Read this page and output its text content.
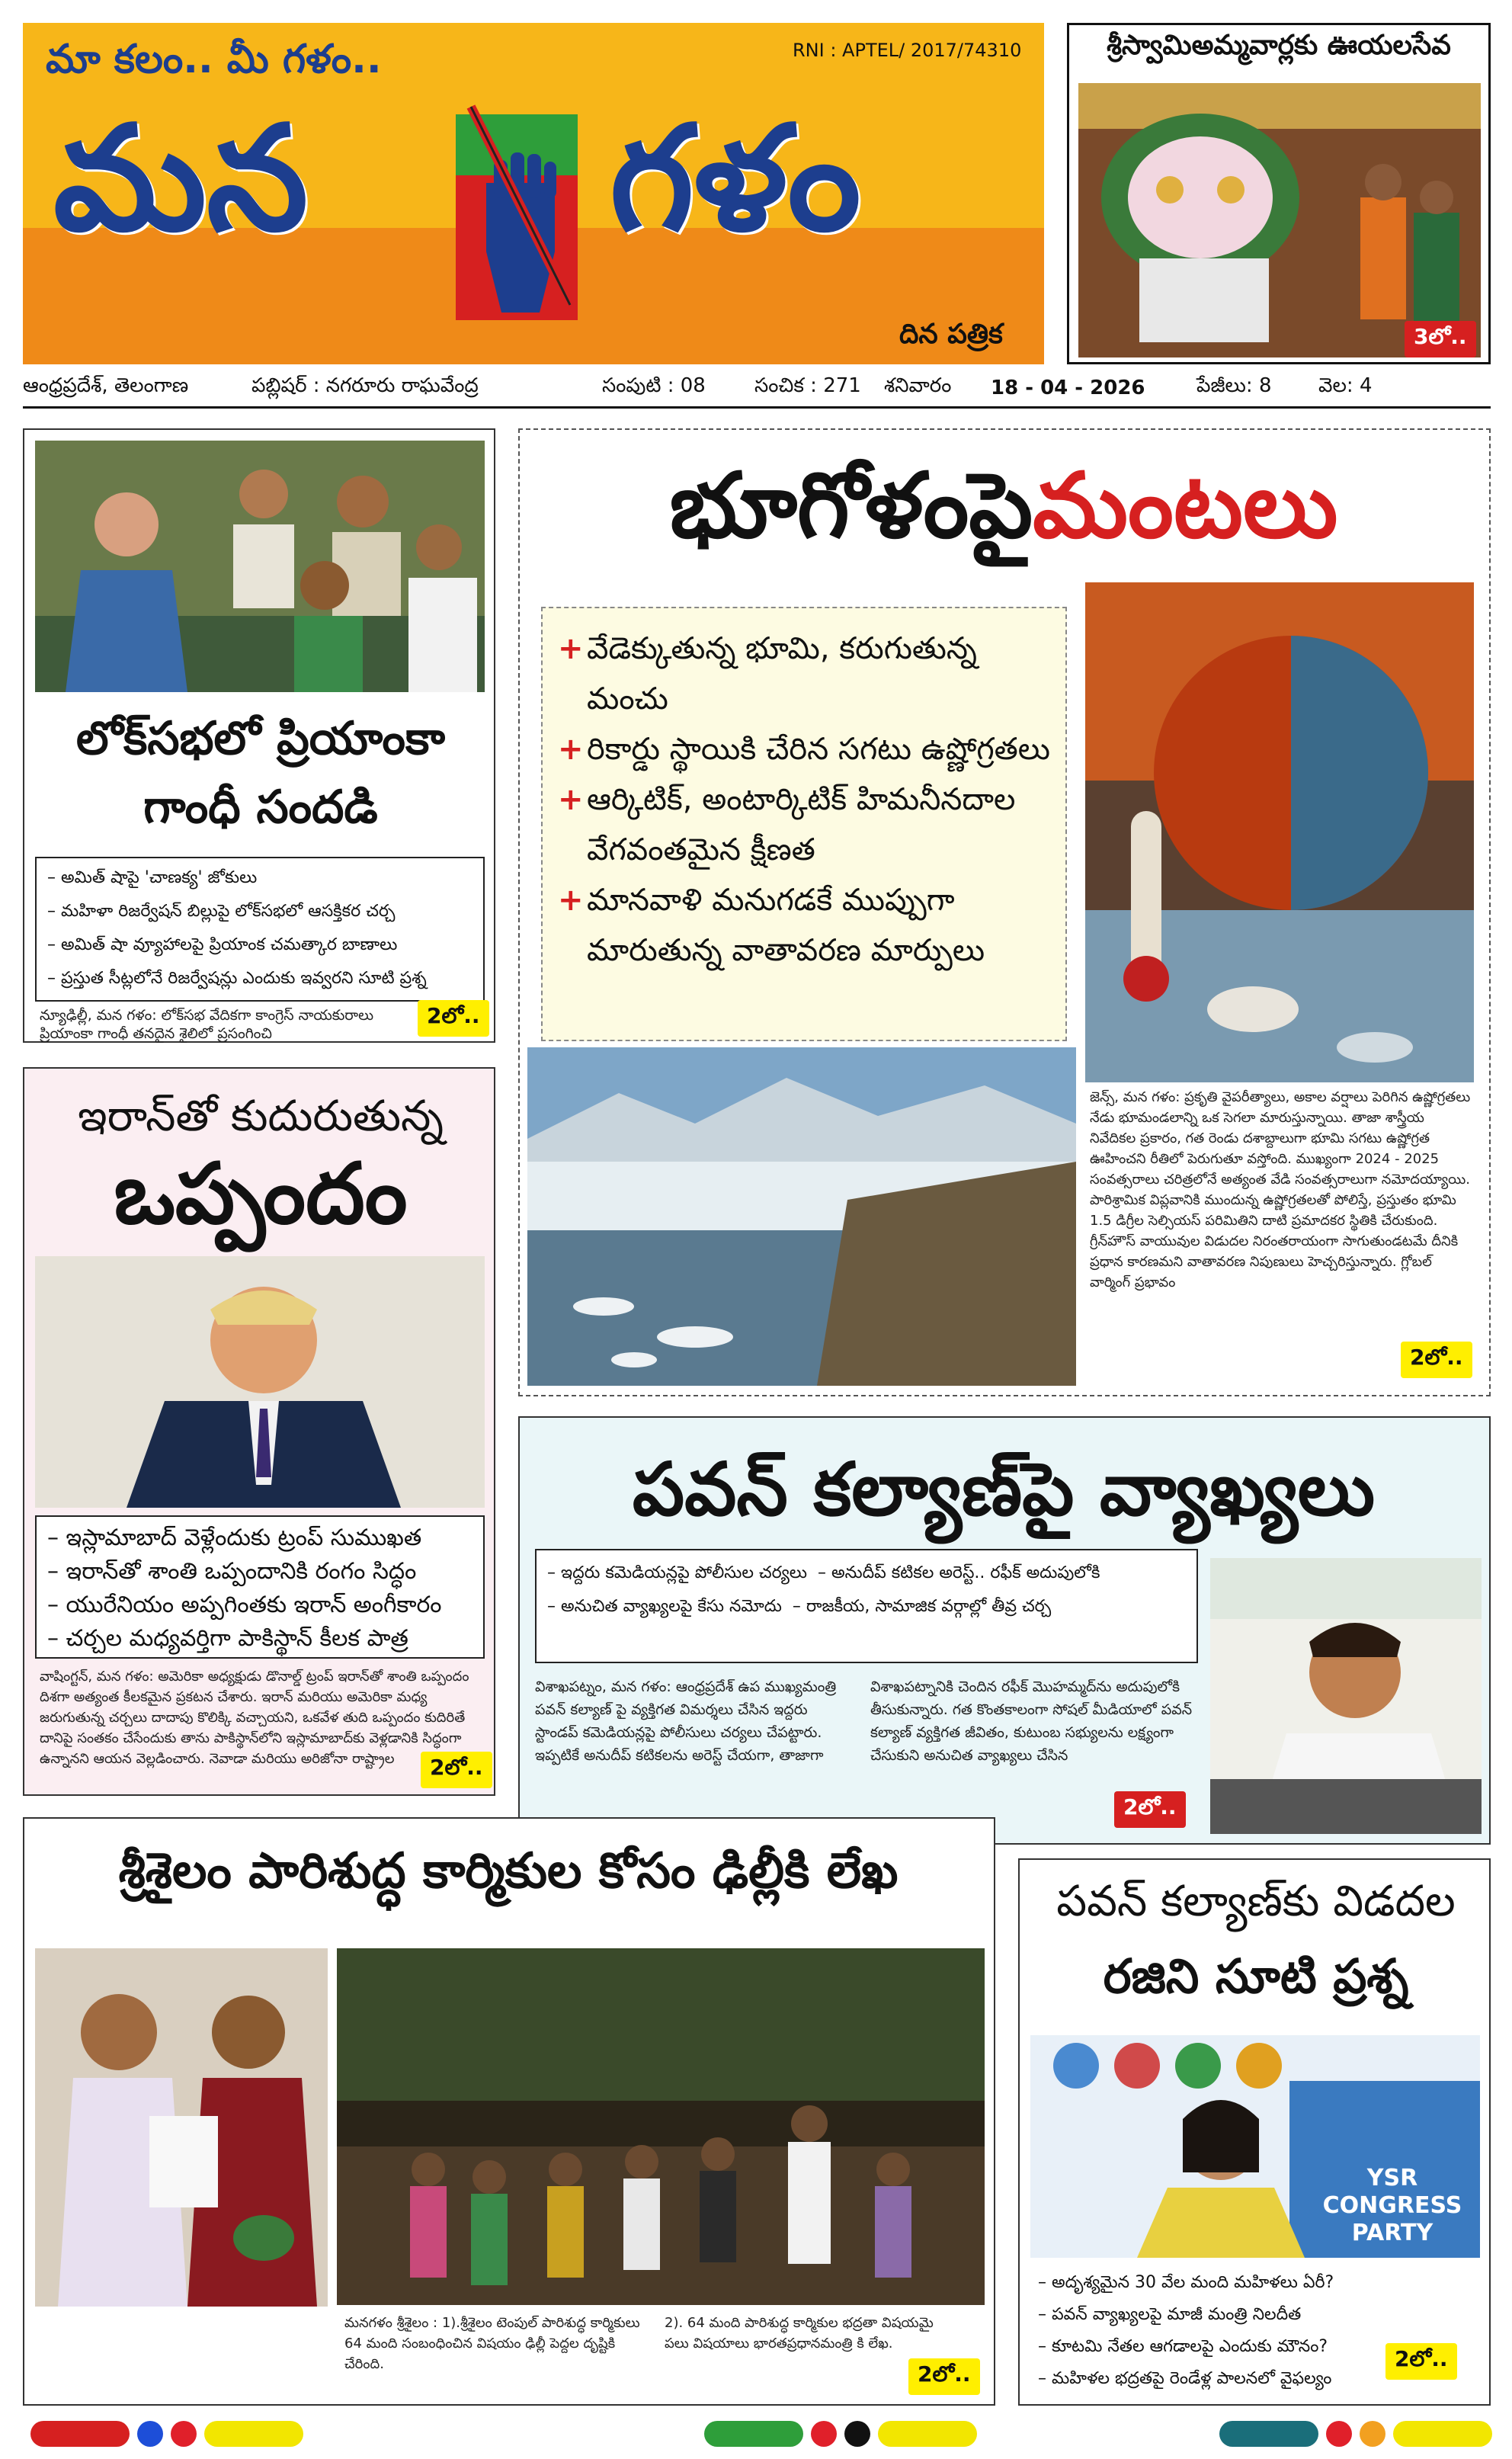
మా కలం.. మీ గళం..	RNI : APTEL/ 2017/74310
మన గళం
దిన పత్రిక
శ్రీస్వామిఅమ్మవార్లకు ఊయలసేవ
3లో..
ఆంధ్రప్రదేశ్, తెలంగాణ	పబ్లిషర్ : నగరూరు రాఘవేంద్ర	సంపుటి : 08	సంచిక : 271	శనివారం	18 - 04 - 2026	పేజీలు: 8	వెల: 4
లోక్‌సభలో ప్రియాంకా గాంధీ సందడి
– అమిత్ షాపై 'చాణక్య' జోకులు
– మహిళా రిజర్వేషన్ బిల్లుపై లోక్‌సభలో ఆసక్తికర చర్చ
– అమిత్ షా వ్యూహాలపై ప్రియాంక చమత్కార బాణాలు
– ప్రస్తుత సీట్లలోనే రిజర్వేషన్లు ఎందుకు ఇవ్వరని సూటి ప్రశ్న
న్యూఢిల్లీ, మన గళం: లోక్‌సభ వేదికగా కాంగ్రెస్ నాయకురాలు ప్రియాంకా గాంధీ తనదైన శైలిలో ప్రసంగించి
2లో..
భూగోళంపైమంటలు
+ వేడెక్కుతున్న భూమి, కరుగుతున్న మంచు
+ రికార్డు స్థాయికి చేరిన సగటు ఉష్ణోగ్రతలు
+ ఆర్కిటిక్, అంటార్కిటిక్ హిమనీనదాల వేగవంతమైన క్షీణత
+ మానవాళి మనుగడకే ముప్పుగా మారుతున్న వాతావరణ మార్పులు
జెన్స్, మన గళం: ప్రకృతి వైపరీత్యాలు, అకాల వర్షాలు పెరిగిన ఉష్ణోగ్రతలు నేడు భూమండలాన్ని ఒక సెగలా మారుస్తున్నాయి. తాజా శాస్త్రీయ నివేదికల ప్రకారం, గత రెండు దశాబ్దాలుగా భూమి సగటు ఉష్ణోగ్రత ఊహించని రీతిలో పెరుగుతూ వస్తోంది. ముఖ్యంగా 2024 - 2025 సంవత్సరాలు చరిత్రలోనే అత్యంత వేడి సంవత్సరాలుగా నమోదయ్యాయి. పారిశ్రామిక విప్లవానికి ముందున్న ఉష్ణోగ్రతలతో పోలిస్తే, ప్రస్తుతం భూమి 1.5 డిగ్రీల సెల్సియస్ పరిమితిని దాటి ప్రమాదకర స్థితికి చేరుకుంది. గ్రీన్‌హౌస్ వాయువుల విడుదల నిరంతరాయంగా సాగుతుండటమే దీనికి ప్రధాన కారణమని వాతావరణ నిపుణులు హెచ్చరిస్తున్నారు. గ్లోబల్ వార్మింగ్ ప్రభావం
2లో..
ఇరాన్‌తో కుదురుతున్న
ఒప్పందం
– ఇస్లామాబాద్ వెళ్లేందుకు ట్రంప్ సుముఖత
– ఇరాన్‌తో శాంతి ఒప్పందానికి రంగం సిద్ధం
– యురేనియం అప్పగింతకు ఇరాన్ అంగీకారం
– చర్చల మధ్యవర్తిగా పాకిస్థాన్ కీలక పాత్ర
వాషింగ్టన్, మన గళం: అమెరికా అధ్యక్షుడు డొనాల్డ్ ట్రంప్ ఇరాన్‌తో శాంతి ఒప్పందం దిశగా అత్యంత కీలకమైన ప్రకటన చేశారు. ఇరాన్ మరియు అమెరికా మధ్య జరుగుతున్న చర్చలు దాదాపు కొలిక్కి వచ్చాయని, ఒకవేళ తుది ఒప్పందం కుదిరితే దానిపై సంతకం చేసేందుకు తాను పాకిస్థాన్‌లోని ఇస్లామాబాద్‌కు వెళ్లడానికి సిద్ధంగా ఉన్నానని ఆయన వెల్లడించారు. నెవాడా మరియు అరిజోనా రాష్ట్రాల	2లో..
పవన్ కల్యాణ్‌పై వ్యాఖ్యలు
– ఇద్దరు కమెడియన్లపై పోలీసుల చర్యలు  – అనుదీప్ కటికల అరెస్ట్.. రఫీక్ అదుపులోకి
– అనుచిత వ్యాఖ్యలపై కేసు నమోదు  – రాజకీయ, సామాజిక వర్గాల్లో తీవ్ర చర్చ
విశాఖపట్నం, మన గళం: ఆంధ్రప్రదేశ్ ఉప ముఖ్యమంత్రి పవన్ కల్యాణ్ పై వ్యక్తిగత విమర్శలు చేసిన ఇద్దరు స్టాండప్ కమెడియన్లపై పోలీసులు చర్యలు చేపట్టారు. ఇప్పటికే అనుదీప్ కటికలను అరెస్ట్ చేయగా, తాజాగా
విశాఖపట్నానికి చెందిన రఫీక్ మొహమ్మద్‌ను అదుపులోకి తీసుకున్నారు. గత కొంతకాలంగా సోషల్ మీడియాలో పవన్ కల్యాణ్ వ్యక్తిగత జీవితం, కుటుంబ సభ్యులను లక్ష్యంగా చేసుకుని అనుచిత వ్యాఖ్యలు చేసిన
2లో..
శ్రీశైలం పారిశుద్ధ కార్మికుల కోసం ఢిల్లీకి లేఖ
మనగళం శ్రీశైలం : 1).శ్రీశైలం టెంపుల్ పారిశుద్ధ కార్మికులు 64 మంది సంబంధించిన విషయం ఢిల్లీ పెద్దల దృష్టికి చేరింది.
2). 64 మంది పారిశుద్ధ కార్మికుల భద్రతా విషయమై పలు విషయాలు భారతప్రధానమంత్రి కి లేఖ.
2లో..
పవన్ కల్యాణ్‌కు విడదల
రజిని సూటి ప్రశ్న
YSR CONGRESS PARTY
– అదృశ్యమైన 30 వేల మంది మహిళలు ఏరీ?
– పవన్ వ్యాఖ్యలపై మాజీ మంత్రి నిలదీత
– కూటమి నేతల ఆగడాలపై ఎందుకు మౌనం?
– మహిళల భద్రతపై రెండేళ్ల పాలనలో వైఫల్యం
2లో..
